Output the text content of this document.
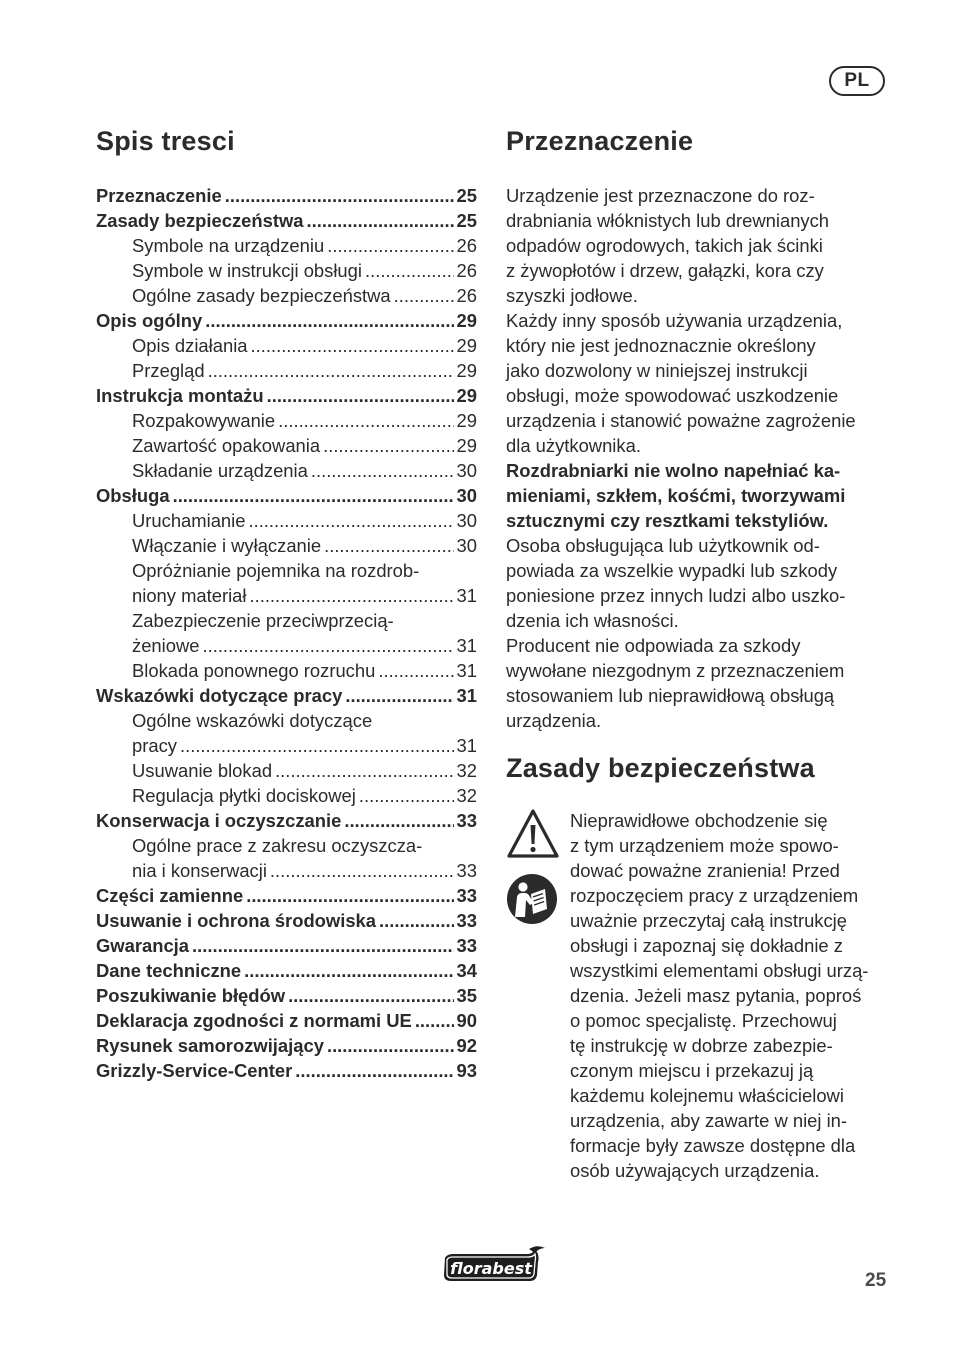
PL
Spis tresci
Przeznaczenie .....	25
Zasady bezpieczeństwa .....	25
Symbole na urządzeniu .....	26
Symbole w instrukcji obsługi .....	26
Ogólne zasady bezpieczeństwa .....	26
Opis ogólny .....	29
Opis działania .....	29
Przegląd .....	29
Instrukcja montażu .....	29
Rozpakowywanie .....	29
Zawartość opakowania .....	29
Składanie urządzenia .....	30
Obsługa .....	30
Uruchamianie .....	30
Włączanie i wyłączanie .....	30
Opróżnianie pojemnika na rozdrob-
niony materiał .....	31
Zabezpieczenie przeciwprzecią-
żeniowe .....	31
Blokada ponownego rozruchu .....	31
Wskazówki dotyczące pracy .....	31
Ogólne wskazówki dotyczące
pracy .....	31
Usuwanie blokad .....	32
Regulacja płytki dociskowej .....	32
Konserwacja i oczyszczanie .....	33
Ogólne prace z zakresu oczyszcza-
nia i konserwacji .....	33
Części zamienne .....	33
Usuwanie i ochrona środowiska .....	33
Gwarancja .....	33
Dane techniczne .....	34
Poszukiwanie błędów .....	35
Deklaracja zgodności z normami UE ..... 90
Rysunek samorozwijający .....	92
Grizzly-Service-Center .....	93
Przeznaczenie

Urządzenie jest przeznaczone do roz-
drabniania włóknistych lub drewnianych
odpadów ogrodowych, takich jak ścinki
z żywopłotów i drzew, gałązki, kora czy
szyszki jodłowe.

Każdy inny sposób używania urządzenia,
który nie jest jednoznacznie określony
jako dozwolony w niniejszej instrukcji
obsługi, może spowodować uszkodzenie
urządzenia i stanowić poważne zagrożenie
dla użytkownika.

Rozdrabniarki nie wolno napełniać ka-
mieniami, szkłem, kośćmi, tworzywami
sztucznymi czy resztkami tekstyliów.

Osoba obsługująca lub użytkownik od-
powiada za wszelkie wypadki lub szkody
poniesione przez innych ludzi albo uszko-
dzenia ich własności.

Producent nie odpowiada za szkody
wywołane niezgodnym z przeznaczeniem
stosowaniem lub nieprawidłową obsługą
urządzenia.

Zasady bezpieczeństwa

Nieprawidłowe obchodzenie się
z tym urządzeniem może spowo-
dować poważne zranienia! Przed
rozpoczęciem pracy z urządzeniem
uważnie przeczytaj całą instrukcję
obsługi i zapoznaj się dokładnie z
wszystkimi elementami obsługi urzą-
dzenia. Jeżeli masz pytania, poproś
o pomoc specjalistę. Przechowuj
tę instrukcję w dobrze zabezpie-
czonym miejscu i przekazuj ją
każdemu kolejnemu właścicielowi
urządzenia, aby zawarte w niej in-
formacje były zawsze dostępne dla
osób używających urządzenia.
florabest
25
